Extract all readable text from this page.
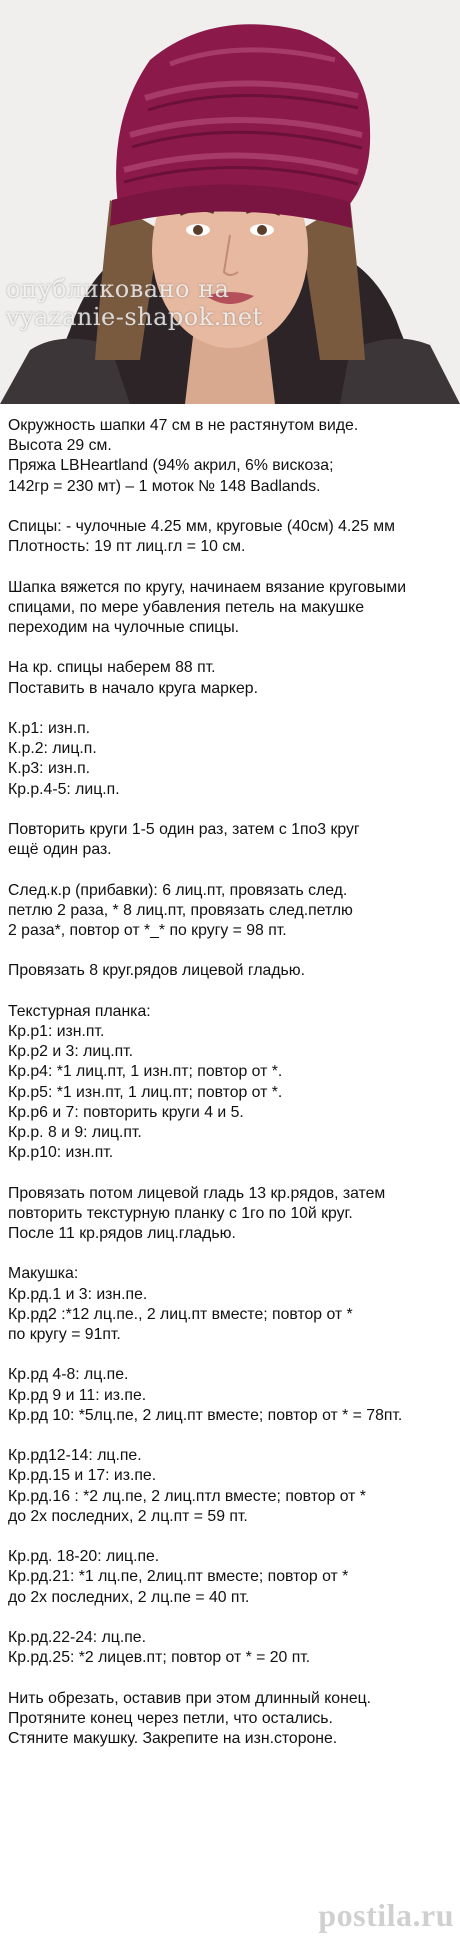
опубликовано на
vyazanie-shapok.net
Окружность шапки 47 см в не растянутом виде.
Высота 29 см.
Пряжа LBHeartland (94% акрил, 6% вискоза;
142гр = 230 мт) – 1 моток № 148 Badlands.
Спицы: - чулочные 4.25 мм, круговые (40см) 4.25 мм
Плотность: 19 пт лиц.гл = 10 см.
Шапка вяжется по кругу, начинаем вязание круговыми
спицами, по мере убавления петель на макушке
переходим на чулочные спицы.
На кр. спицы наберем 88 пт.
Поставить в начало круга маркер.
К.р1: изн.п.
К.р.2: лиц.п.
К.р3: изн.п.
Кр.р.4-5: лиц.п.
Повторить круги 1-5 один раз, затем с 1по3 круг
ещё один раз.
След.к.р (прибавки): 6 лиц.пт, провязать след.
петлю 2 раза, * 8 лиц.пт, провязать след.петлю
2 раза*, повтор от *_* по кругу = 98 пт.
Провязать 8 круг.рядов лицевой гладью.
Текстурная планка:
Кр.р1: изн.пт.
Кр.р2 и 3: лиц.пт.
Кр.р4: *1 лиц.пт, 1 изн.пт; повтор от *.
Кр.р5: *1 изн.пт, 1 лиц.пт; повтор от *.
Кр.р6 и 7: повторить круги 4 и 5.
Кр.р. 8 и 9: лиц.пт.
Кр.р10: изн.пт.
Провязать потом лицевой гладь 13 кр.рядов, затем
повторить текстурную планку с 1го по 10й круг.
После 11 кр.рядов лиц.гладью.
Макушка:
Кр.рд.1 и 3: изн.пе.
Кр.рд2 :*12 лц.пе., 2 лиц.пт вместе; повтор от *
по кругу = 91пт.
Кр.рд 4-8: лц.пе.
Кр.рд 9 и 11: из.пе.
Кр.рд 10: *5лц.пе, 2 лиц.пт вместе; повтор от * = 78пт.
Кр.рд12-14: лц.пе.
Кр.рд.15 и 17: из.пе.
Кр.рд.16 : *2 лц.пе, 2 лиц.птл вместе; повтор от *
до 2х последних, 2 лц.пт = 59 пт.
Кр.рд. 18-20: лиц.пе.
Кр.рд.21: *1 лц.пе, 2лиц.пт вместе; повтор от *
до 2х последних, 2 лц.пе = 40 пт.
Кр.рд.22-24: лц.пе.
Кр.рд.25: *2 лицев.пт; повтор от * = 20 пт.
Нить обрезать, оставив при этом длинный конец.
Протяните конец через петли, что остались.
Стяните макушку. Закрепите на изн.стороне.
postila.ru
